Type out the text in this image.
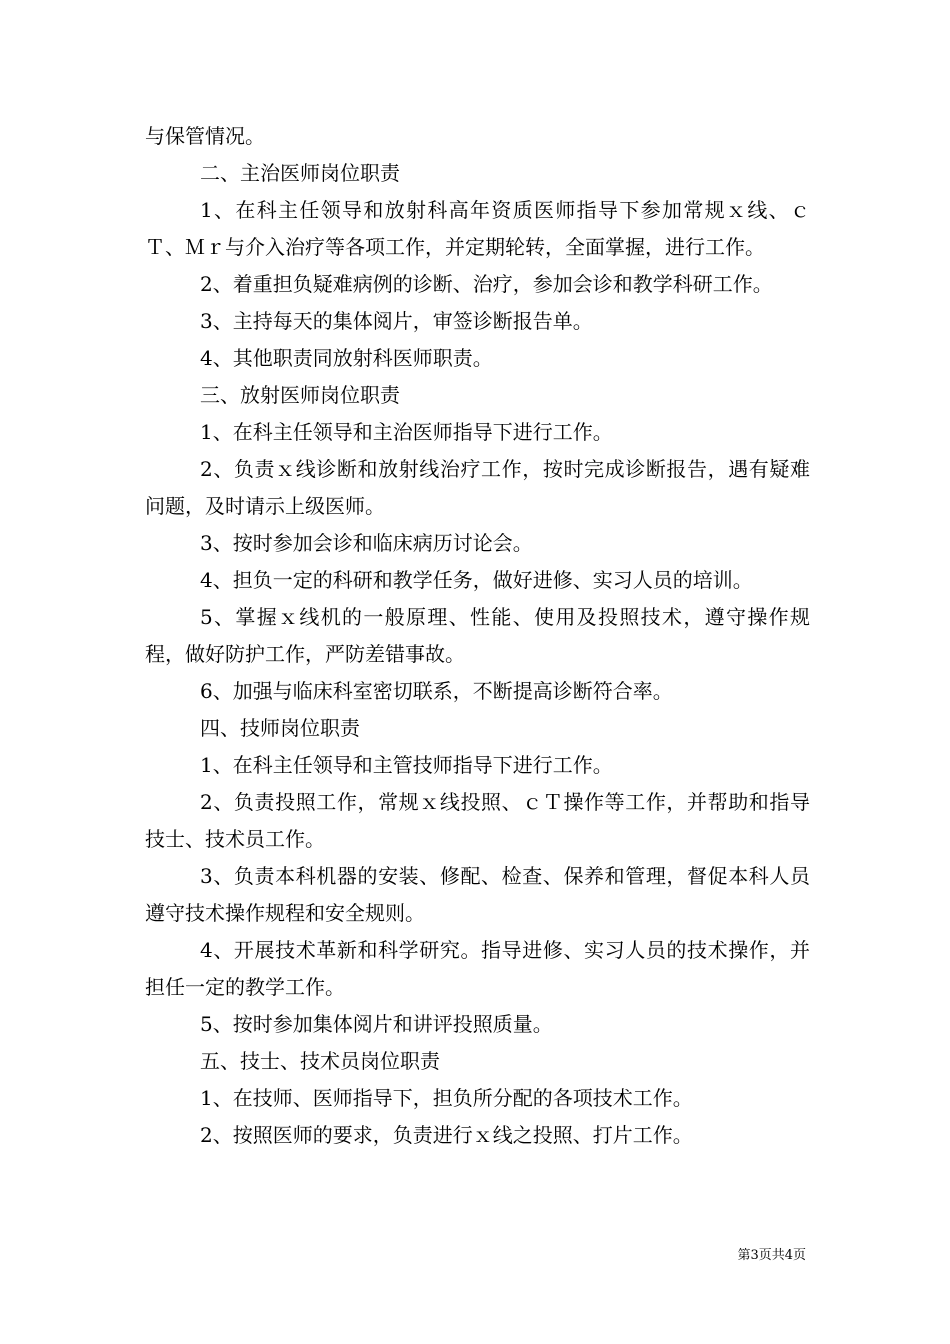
与保管情况。

二、主治医师岗位职责

1、在科主任领导和放射科高年资质医师指导下参加常规ｘ线、ｃＴ、Ｍｒ与介入治疗等各项工作，并定期轮转，全面掌握，进行工作。

2、着重担负疑难病例的诊断、治疗，参加会诊和教学科研工作。

3、主持每天的集体阅片，审签诊断报告单。

4、其他职责同放射科医师职责。

三、放射医师岗位职责

1、在科主任领导和主治医师指导下进行工作。

2、负责ｘ线诊断和放射线治疗工作，按时完成诊断报告，遇有疑难问题，及时请示上级医师。

3、按时参加会诊和临床病历讨论会。

4、担负一定的科研和教学任务，做好进修、实习人员的培训。

5、掌握ｘ线机的一般原理、性能、使用及投照技术，遵守操作规程，做好防护工作，严防差错事故。

6、加强与临床科室密切联系，不断提高诊断符合率。

四、技师岗位职责

1、在科主任领导和主管技师指导下进行工作。

2、负责投照工作，常规ｘ线投照、ｃＴ操作等工作，并帮助和指导技士、技术员工作。

3、负责本科机器的安装、修配、检查、保养和管理，督促本科人员遵守技术操作规程和安全规则。

4、开展技术革新和科学研究。指导进修、实习人员的技术操作，并担任一定的教学工作。

5、按时参加集体阅片和讲评投照质量。

五、技士、技术员岗位职责

1、在技师、医师指导下，担负所分配的各项技术工作。

2、按照医师的要求，负责进行ｘ线之投照、打片工作。

第3页共4页
